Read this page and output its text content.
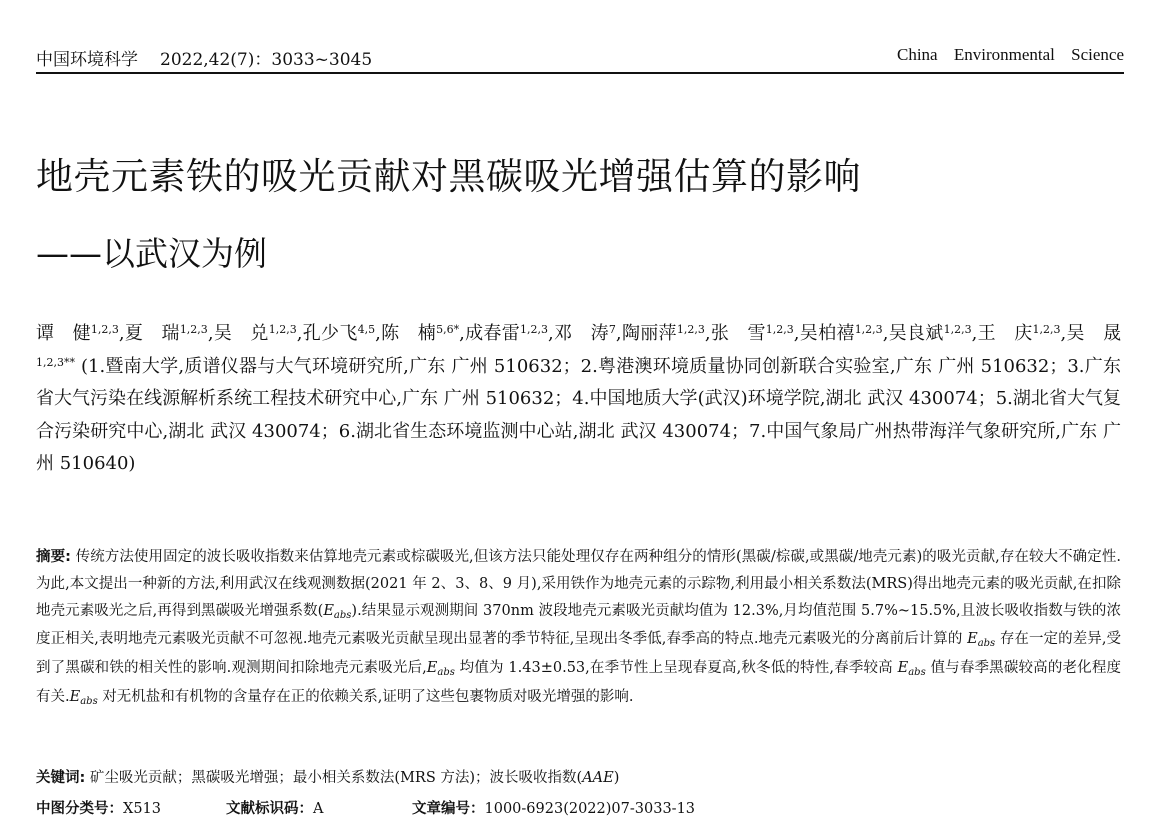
中国环境科学 2022,42(7)：3033~3045	China Environmental Science
地壳元素铁的吸光贡献对黑碳吸光增强估算的影响
——以武汉为例
谭　健$^{1,2,3}$,夏　瑞$^{1,2,3}$,吴　兑$^{1,2,3}$,孔少飞$^{4,5}$,陈　楠$^{5,6*}$,成春雷$^{1,2,3}$,邓　涛$^7$,陶丽萍$^{1,2,3}$,张　雪$^{1,2,3}$,吴柏禧$^{1,2,3}$,吴良斌$^{1,2,3}$,王　庆$^{1,2,3}$,吴　晟$^{1,2,3**}$ (1.暨南大学,质谱仪器与大气环境研究所,广东 广州 510632；2.粤港澳环境质量协同创新联合实验室,广东 广州 510632；3.广东省大气污染在线源解析系统工程技术研究中心,广东 广州 510632；4.中国地质大学(武汉)环境学院,湖北 武汉 430074；5.湖北省大气复合污染研究中心,湖北 武汉 430074；6.湖北省生态环境监测中心站,湖北 武汉 430074；7.中国气象局广州热带海洋气象研究所,广东 广州 510640)
摘要: 传统方法使用固定的波长吸收指数来估算地壳元素或棕碳吸光,但该方法只能处理仅存在两种组分的情形(黑碳/棕碳,或黑碳/地壳元素)的吸光贡献,存在较大不确定性.为此,本文提出一种新的方法,利用武汉在线观测数据(2021 年 2、3、8、9 月),采用铁作为地壳元素的示踪物,利用最小相关系数法(MRS)得出地壳元素的吸光贡献,在扣除地壳元素吸光之后,再得到黑碳吸光增强系数$(E_{abs})$.结果显示观测期间 370nm 波段地壳元素吸光贡献均值为 12.3%,月均值范围 5.7%~15.5%,且波长吸收指数与铁的浓度正相关,表明地壳元素吸光贡献不可忽视.地壳元素吸光贡献呈现出显著的季节特征,呈现出冬季低,春季高的特点.地壳元素吸光的分离前后计算的 $E_{abs}$ 存在一定的差异,受到了黑碳和铁的相关性的影响.观测期间扣除地壳元素吸光后$,E_{abs}$ 均值为 1.43±0.53,在季节性上呈现春夏高,秋冬低的特性,春季较高 $E_{abs}$ 值与春季黑碳较高的老化程度有关$.E_{abs}$ 对无机盐和有机物的含量存在正的依赖关系,证明了这些包裹物质对吸光增强的影响.
关键词: 矿尘吸光贡献；黑碳吸光增强；最小相关系数法(MRS 方法)；波长吸收指数(AAE)
中图分类号：X513	文献标识码：A	文章编号：1000-6923(2022)07-3033-13
